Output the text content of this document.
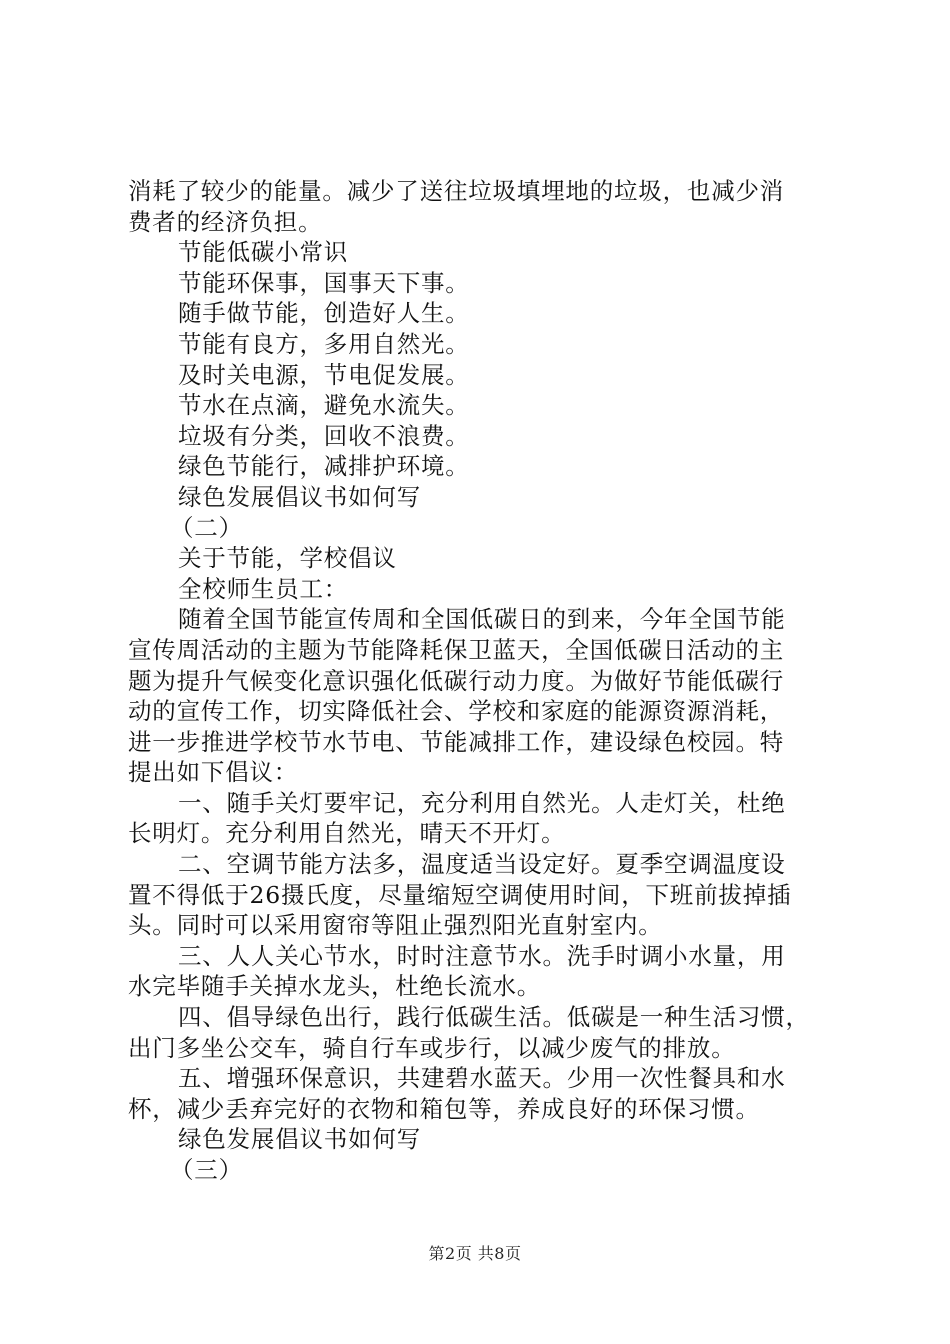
消耗了较少的能量。减少了送往垃圾填埋地的垃圾，也减少消
费者的经济负担。
节能低碳小常识
节能环保事，国事天下事。
随手做节能，创造好人生。
节能有良方，多用自然光。
及时关电源，节电促发展。
节水在点滴，避免水流失。
垃圾有分类，回收不浪费。
绿色节能行，减排护环境。
绿色发展倡议书如何写
（二）
关于节能，学校倡议
全校师生员工：
随着全国节能宣传周和全国低碳日的到来，今年全国节能
宣传周活动的主题为节能降耗保卫蓝天，全国低碳日活动的主
题为提升气候变化意识强化低碳行动力度。为做好节能低碳行
动的宣传工作，切实降低社会、学校和家庭的能源资源消耗，
进一步推进学校节水节电、节能减排工作，建设绿色校园。特
提出如下倡议：
一、随手关灯要牢记，充分利用自然光。人走灯关，杜绝
长明灯。充分利用自然光，晴天不开灯。
二、空调节能方法多，温度适当设定好。夏季空调温度设
置不得低于26摄氏度，尽量缩短空调使用时间，下班前拔掉插
头。同时可以采用窗帘等阻止强烈阳光直射室内。
三、人人关心节水，时时注意节水。洗手时调小水量，用
水完毕随手关掉水龙头，杜绝长流水。
四、倡导绿色出行，践行低碳生活。低碳是一种生活习惯，
出门多坐公交车，骑自行车或步行，以减少废气的排放。
五、增强环保意识，共建碧水蓝天。少用一次性餐具和水
杯，减少丢弃完好的衣物和箱包等，养成良好的环保习惯。
绿色发展倡议书如何写
（三）
第2页 共8页
